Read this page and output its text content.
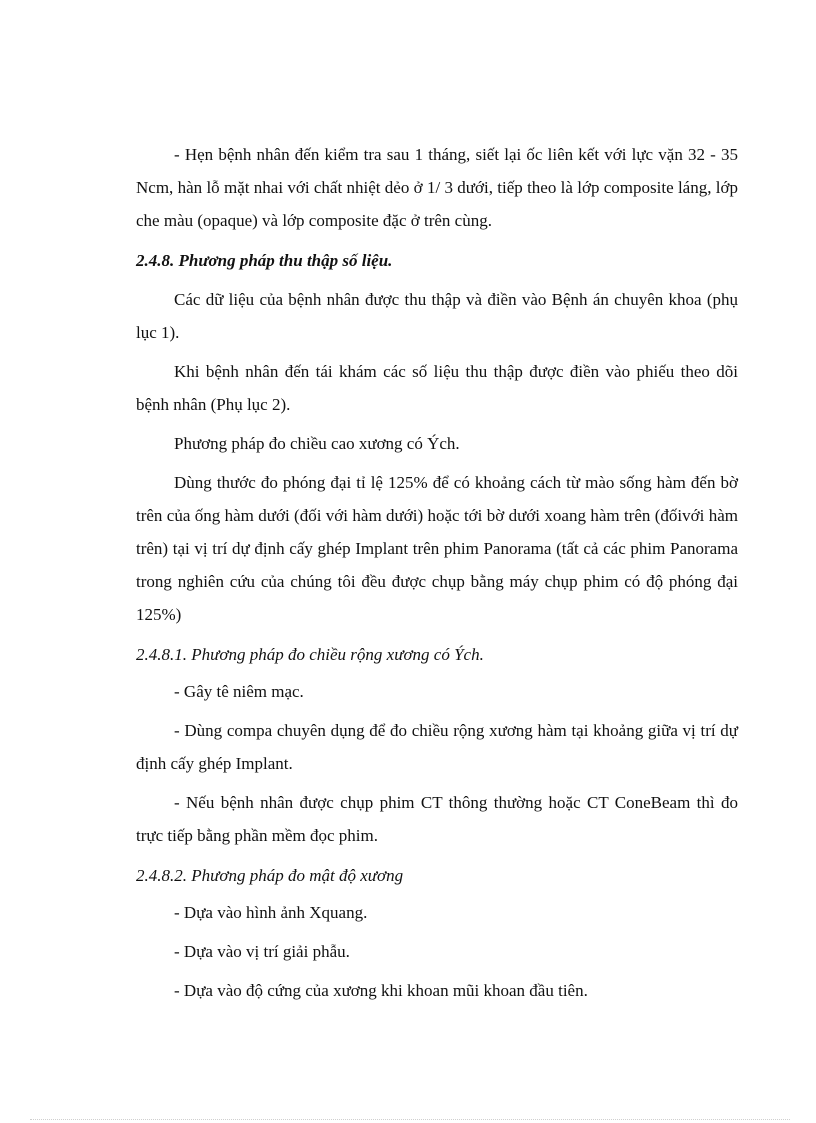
- Hẹn bệnh nhân đến kiểm tra sau 1 tháng, siết lại ốc liên kết với lực vặn 32 - 35 Ncm, hàn lỗ mặt nhai với chất nhiệt dẻo ở 1/ 3 dưới, tiếp theo là lớp composite láng, lớp che màu (opaque) và lớp composite đặc ở trên cùng.

2.4.8. Phương pháp thu thập số liệu.

Các dữ liệu của bệnh nhân được thu thập và điền vào Bệnh án chuyên khoa (phụ lục 1).

Khi bệnh nhân đến tái khám các số liệu thu thập được điền vào phiếu theo dõi bệnh nhân (Phụ lục 2).

Phương pháp đo chiều cao xương có Ých.

Dùng thước đo phóng đại tỉ lệ 125% để có khoảng cách từ mào sống hàm đến bờ trên của ống hàm dưới (đối với hàm dưới) hoặc tới bờ dưới xoang hàm trên (đốivới hàm trên) tại vị trí dự định cấy ghép Implant trên phim Panorama (tất cả các phim Panorama trong nghiên cứu của chúng tôi đều được chụp bằng máy chụp phim có độ phóng đại 125%)

2.4.8.1. Phương pháp đo chiều rộng xương có Ých.

- Gây tê niêm mạc.

- Dùng compa chuyên dụng để đo chiều rộng xương hàm tại khoảng giữa vị trí dự định cấy ghép Implant.

- Nếu bệnh nhân được chụp phim CT thông thường hoặc CT ConeBeam thì đo trực tiếp bằng phần mềm đọc phim.

2.4.8.2. Phương pháp đo mật độ xương

- Dựa vào hình ảnh Xquang.

- Dựa vào vị trí giải phẫu.

- Dựa vào độ cứng của xương khi khoan mũi khoan đầu tiên.
